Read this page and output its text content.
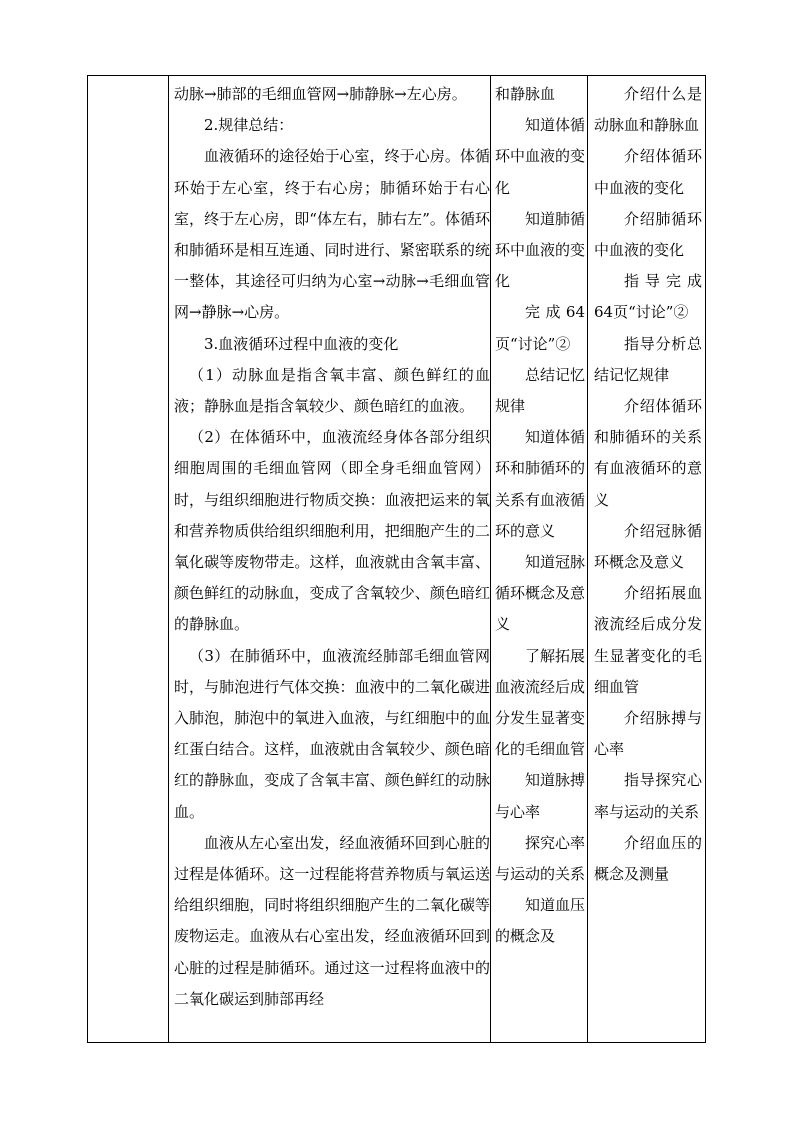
动脉→肺部的毛细血管网→肺静脉→左心房。

2.规律总结：

血液循环的途径始于心室，终于心房。体循环始于左心室，终于右心房；肺循环始于右心室，终于左心房，即“体左右，肺右左”。体循环和肺循环是相互连通、同时进行、紧密联系的统一整体，其途径可归纳为心室→动脉→毛细血管网→静脉→心房。

3.血液循环过程中血液的变化

（1）动脉血是指含氧丰富、颜色鲜红的血液；静脉血是指含氧较少、颜色暗红的血液。

（2）在体循环中，血液流经身体各部分组织细胞周围的毛细血管网（即全身毛细血管网）时，与组织细胞进行物质交换：血液把运来的氧和营养物质供给组织细胞利用，把细胞产生的二氧化碳等废物带走。这样，血液就由含氧丰富、颜色鲜红的动脉血，变成了含氧较少、颜色暗红的静脉血。

（3）在肺循环中，血液流经肺部毛细血管网时，与肺泡进行气体交换：血液中的二氧化碳进入肺泡，肺泡中的氧进入血液，与红细胞中的血红蛋白结合。这样，血液就由含氧较少、颜色暗红的静脉血，变成了含氧丰富、颜色鲜红的动脉血。

血液从左心室出发，经血液循环回到心脏的过程是体循环。这一过程能将营养物质与氧运送给组织细胞，同时将组织细胞产生的二氧化碳等废物运走。血液从右心室出发，经血液循环回到心脏的过程是肺循环。通过这一过程将血液中的二氧化碳运到肺部再经

和静脉血

知道体循环中血液的变化

知道肺循环中血液的变化

完成64页“讨论”②

总结记忆规律

知道体循环和肺循环的关系有血液循环的意义

知道冠脉循环概念及意义

了解拓展血液流经后成分发生显著变化的毛细血管

知道脉搏与心率

探究心率与运动的关系

知道血压的概念及

介绍什么是动脉血和静脉血

介绍体循环中血液的变化

介绍肺循环中血液的变化

指导完成64页“讨论”②

指导分析总结记忆规律

介绍体循环和肺循环的关系有血液循环的意义

介绍冠脉循环概念及意义

介绍拓展血液流经后成分发生显著变化的毛细血管

介绍脉搏与心率

指导探究心率与运动的关系

介绍血压的概念及测量
